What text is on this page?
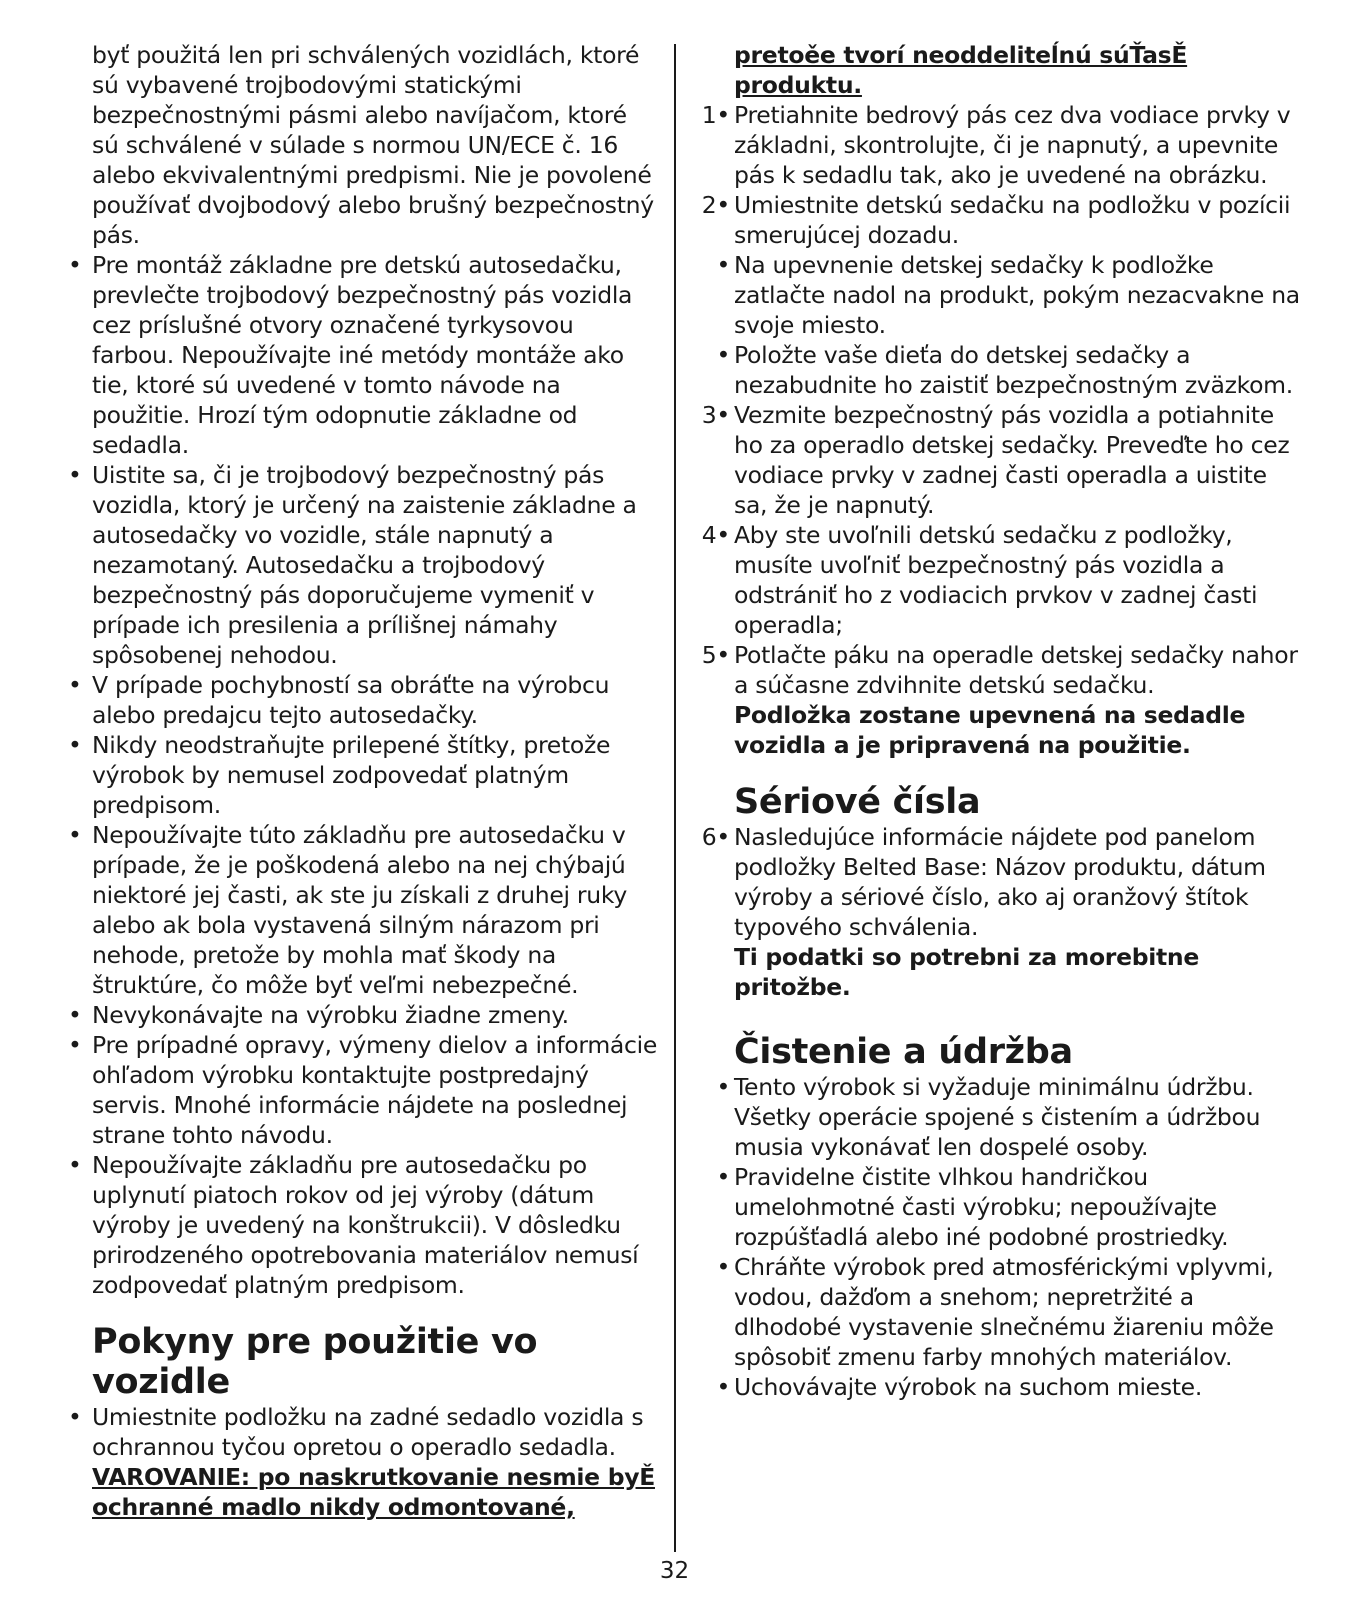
byť použitá len pri schválených vozidlách, ktoré sú vybavené trojbodovými statickými bezpečnostnými pásmi alebo navíjačom, ktoré sú schválené v súlade s normou UN/ECE č. 16 alebo ekvivalentnými predpismi. Nie je povolené používať dvojbodový alebo brušný bezpečnostný pás.
• Pre montáž základne pre detskú autosedačku, prevlečte trojbodový bezpečnostný pás vozidla cez príslušné otvory označené tyrkysovou farbou. Nepoužívajte iné metódy montáže ako tie, ktoré sú uvedené v tomto návode na použitie. Hrozí tým odopnutie základne od sedadla.
• Uistite sa, či je trojbodový bezpečnostný pás vozidla, ktorý je určený na zaistenie základne a autosedačky vo vozidle, stále napnutý a nezamotaný. Autosedačku a trojbodový bezpečnostný pás doporučujeme vymeniť v prípade ich presilenia a prílišnej námahy spôsobenej nehodou.
• V prípade pochybností sa obráťte na výrobcu alebo predajcu tejto autosedačky.
• Nikdy neodstraňujte prilepené štítky, pretože výrobok by nemusel zodpovedať platným predpisom.
• Nepoužívajte túto základňu pre autosedačku v prípade, že je poškodená alebo na nej chýbajú niektoré jej časti, ak ste ju získali z druhej ruky alebo ak bola vystavená silným nárazom pri nehode, pretože by mohla mať škody na štruktúre, čo môže byť veľmi nebezpečné.
• Nevykonávajte na výrobku žiadne zmeny.
• Pre prípadné opravy, výmeny dielov a informácie ohľadom výrobku kontaktujte postpredajný servis. Mnohé informácie nájdete na poslednej strane tohto návodu.
• Nepoužívajte základňu pre autosedačku po uplynutí piatoch rokov od jej výroby (dátum výroby je uvedený na konštrukcii). V dôsledku prirodzeného opotrebovania materiálov nemusí zodpovedať platným predpisom.
Pokyny pre použitie vo vozidle
• Umiestnite podložku na zadné sedadlo vozidla s ochrannou tyčou opretou o operadlo sedadla.
VAROVANIE: po naskrutkovanie nesmie byĚ ochranné madlo nikdy odmontované,
pretoěe tvorí neoddeliteĺnú súŤasĚ produktu.
1• Pretiahnite bedrový pás cez dva vodiace prvky v základni, skontrolujte, či je napnutý, a upevnite pás k sedadlu tak, ako je uvedené na obrázku.
2• Umiestnite detskú sedačku na podložku v pozícii smerujúcej dozadu.
• Na upevnenie detskej sedačky k podložke zatlačte nadol na produkt, pokým nezacvakne na svoje miesto.
• Položte vaše dieťa do detskej sedačky a nezabudnite ho zaistiť bezpečnostným zväzkom.
3• Vezmite bezpečnostný pás vozidla a potiahnite ho za operadlo detskej sedačky. Preveďte ho cez vodiace prvky v zadnej časti operadla a uistite sa, že je napnutý.
4• Aby ste uvoľnili detskú sedačku z podložky, musíte uvoľniť bezpečnostný pás vozidla a odstrániť ho z vodiacich prvkov v zadnej časti operadla;
5• Potlačte páku na operadle detskej sedačky nahor a súčasne zdvihnite detskú sedačku.
Podložka zostane upevnená na sedadle vozidla a je pripravená na použitie.
Sériové čísla
6• Nasledujúce informácie nájdete pod panelom podložky Belted Base: Názov produktu, dátum výroby a sériové číslo, ako aj oranžový štítok typového schválenia.
Ti podatki so potrebni za morebitne pritožbe.
Čistenie a údržba
• Tento výrobok si vyžaduje minimálnu údržbu. Všetky operácie spojené s čistením a údržbou musia vykonávať len dospelé osoby.
• Pravidelne čistite vlhkou handričkou umelohmotné časti výrobku; nepoužívajte rozpúšťadlá alebo iné podobné prostriedky.
• Chráňte výrobok pred atmosférickými vplyvmi, vodou, dažďom a snehom; nepretržité a dlhodobé vystavenie slnečnému žiareniu môže spôsobiť zmenu farby mnohých materiálov.
• Uchovávajte výrobok na suchom mieste.
32
